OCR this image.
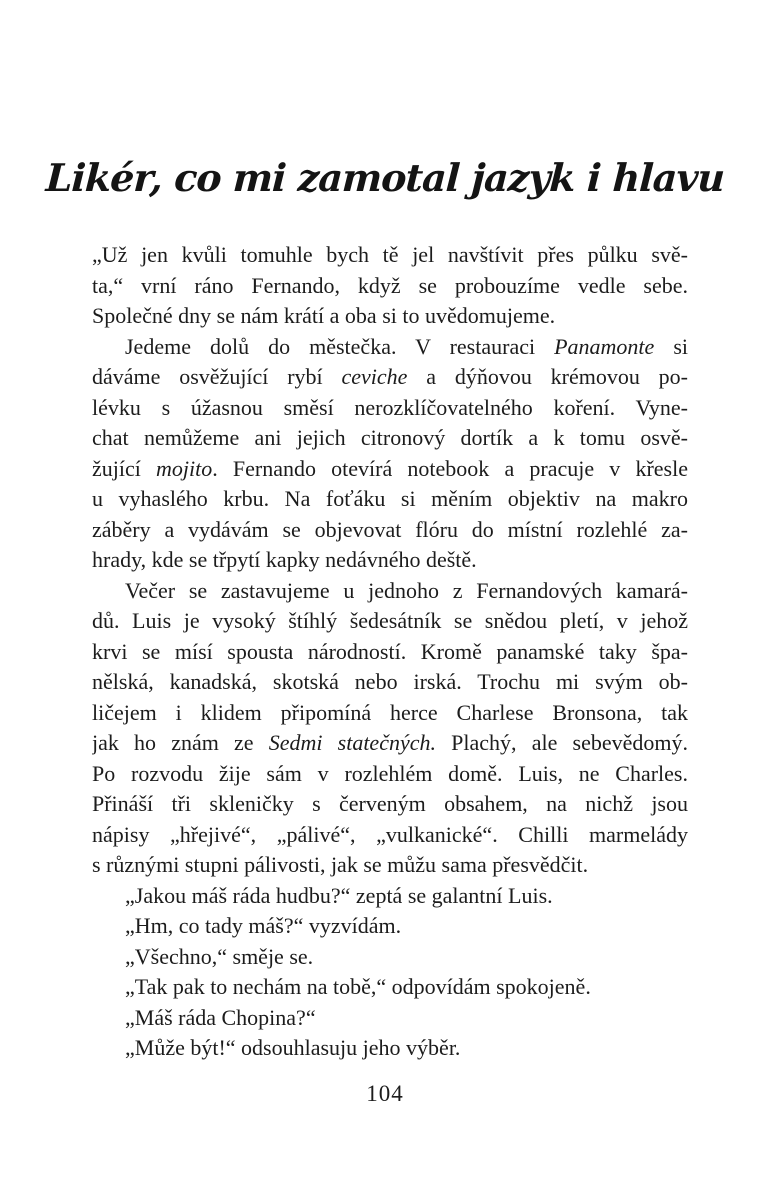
Likér, co mi zamotal jazyk i hlavu
„Už jen kvůli tomuhle bych tě jel navštívit přes půlku svě-
ta,“ vrní ráno Fernando, když se probouzíme vedle sebe.
Společné dny se nám krátí a oba si to uvědomujeme.
Jedeme dolů do městečka. V restauraci Panamonte si
dáváme osvěžující rybí ceviche a dýňovou krémovou po-
lévku s úžasnou směsí nerozklíčovatelného koření. Vyne-
chat nemůžeme ani jejich citronový dortík a k tomu osvě-
žující mojito. Fernando otevírá notebook a pracuje v křesle
u vyhaslého krbu. Na foťáku si měním objektiv na makro
záběry a vydávám se objevovat flóru do místní rozlehlé za-
hrady, kde se třpytí kapky nedávného deště.
Večer se zastavujeme u jednoho z Fernandových kamará-
dů. Luis je vysoký štíhlý šedesátník se snědou pletí, v jehož
krvi se mísí spousta národností. Kromě panamské taky špa-
nělská, kanadská, skotská nebo irská. Trochu mi svým ob-
ličejem i klidem připomíná herce Charlese Bronsona, tak
jak ho znám ze Sedmi statečných. Plachý, ale sebevědomý.
Po rozvodu žije sám v rozlehlém domě. Luis, ne Charles.
Přináší tři skleničky s červeným obsahem, na nichž jsou
nápisy „hřejivé“, „pálivé“, „vulkanické“. Chilli marmelády
s různými stupni pálivosti, jak se můžu sama přesvědčit.
„Jakou máš ráda hudbu?“ zeptá se galantní Luis.
„Hm, co tady máš?“ vyzvídám.
„Všechno,“ směje se.
„Tak pak to nechám na tobě,“ odpovídám spokojeně.
„Máš ráda Chopina?“
„Může být!“ odsouhlasuju jeho výběr.
104
